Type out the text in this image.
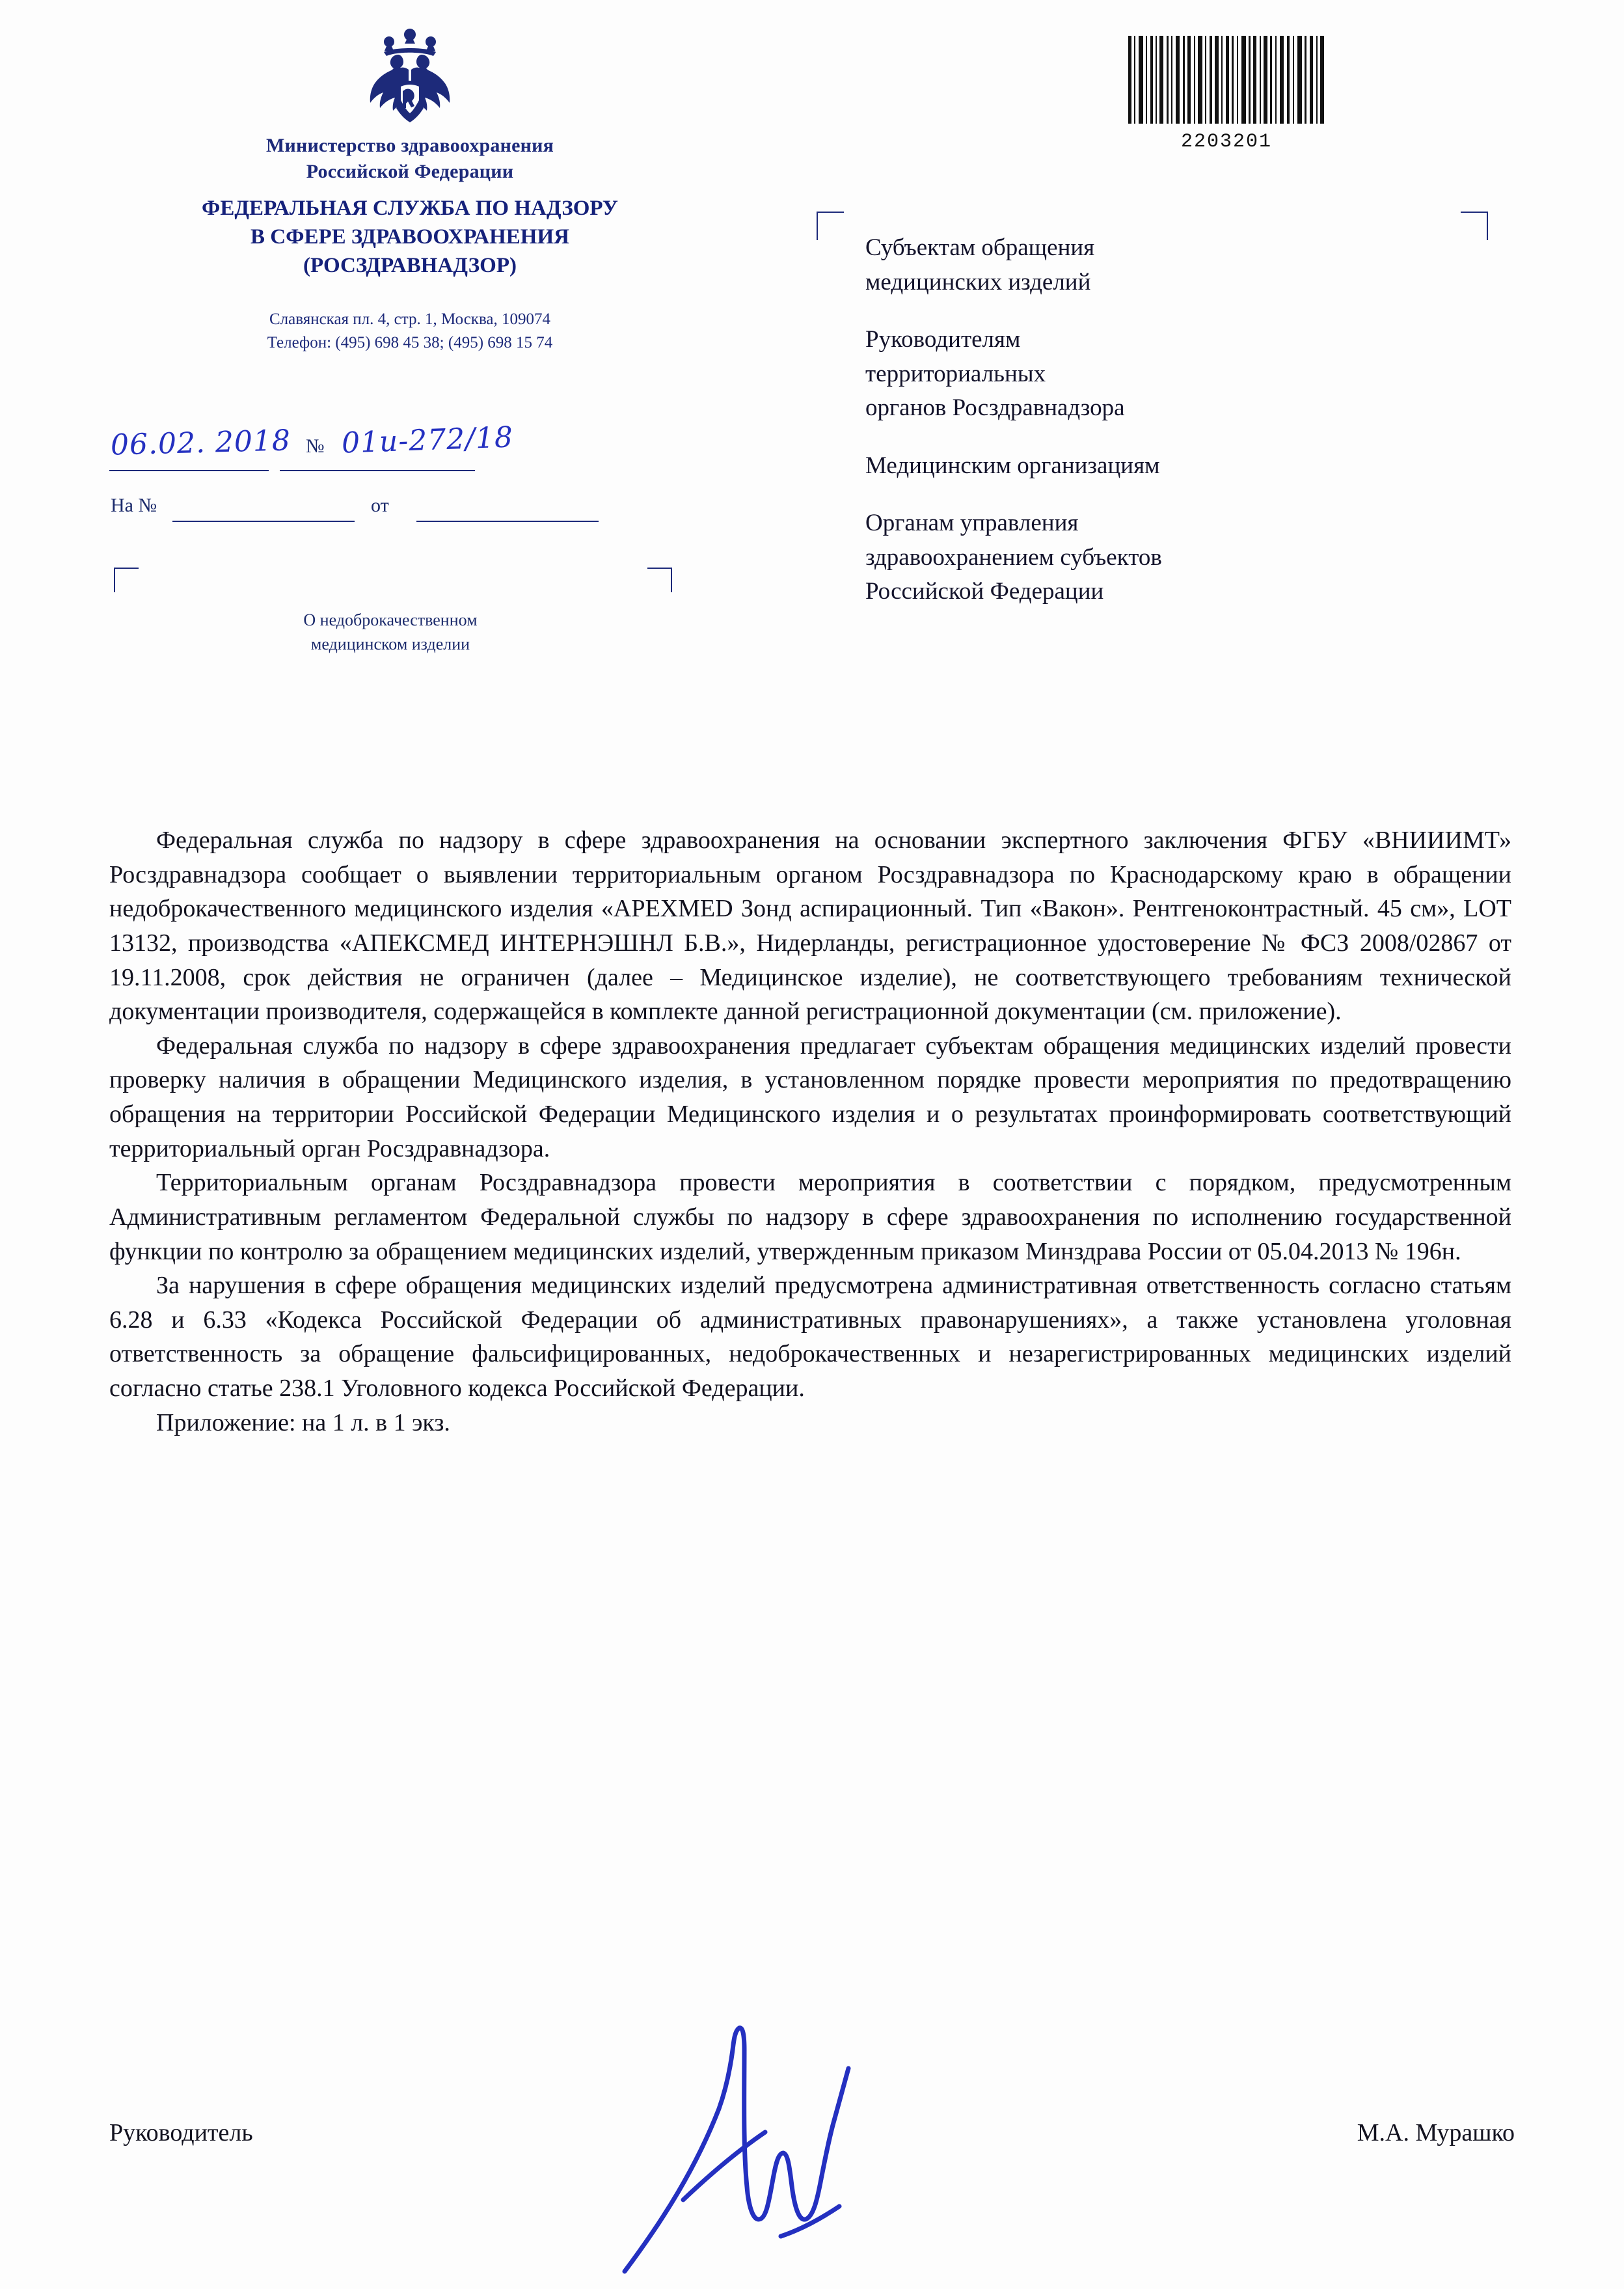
Министерство здравоохранения
Российской Федерации
ФЕДЕРАЛЬНАЯ СЛУЖБА ПО НАДЗОРУ
В СФЕРЕ ЗДРАВООХРАНЕНИЯ
(РОСЗДРАВНАДЗОР)
Славянская пл. 4, стр. 1, Москва, 109074
Телефон: (495) 698 45 38; (495) 698 15 74
06.02. 2018 № 01и-272/18
На №	от
О недоброкачественном
медицинском изделии
2203201
Субъектам обращения
медицинских изделий
Руководителям
территориальных
органов Росздравнадзора
Медицинским организациям
Органам управления
здравоохранением субъектов
Российской Федерации

Федеральная служба по надзору в сфере здравоохранения на основании экспертного заключения ФГБУ «ВНИИИМТ» Росздравнадзора сообщает о выявлении территориальным органом Росздравнадзора по Краснодарскому краю в обращении недоброкачественного медицинского изделия «APEXMED Зонд аспирационный. Тип «Вакон». Рентгеноконтрастный. 45 см», LOT 13132, производства «АПЕКСМЕД ИНТЕРНЭШНЛ Б.В.», Нидерланды, регистрационное удостоверение № ФСЗ 2008/02867 от 19.11.2008, срок действия не ограничен (далее – Медицинское изделие), не соответствующего требованиям технической документации производителя, содержащейся в комплекте данной регистрационной документации (см. приложение).

Федеральная служба по надзору в сфере здравоохранения предлагает субъектам обращения медицинских изделий провести проверку наличия в обращении Медицинского изделия, в установленном порядке провести мероприятия по предотвращению обращения на территории Российской Федерации Медицинского изделия и о результатах проинформировать соответствующий территориальный орган Росздравнадзора.

Территориальным органам Росздравнадзора провести мероприятия в соответствии с порядком, предусмотренным Административным регламентом Федеральной службы по надзору в сфере здравоохранения по исполнению государственной функции по контролю за обращением медицинских изделий, утвержденным приказом Минздрава России от 05.04.2013 № 196н.

За нарушения в сфере обращения медицинских изделий предусмотрена административная ответственность согласно статьям 6.28 и 6.33 «Кодекса Российской Федерации об административных правонарушениях», а также установлена уголовная ответственность за обращение фальсифицированных, недоброкачественных и незарегистрированных медицинских изделий согласно статье 238.1 Уголовного кодекса Российской Федерации.

Приложение: на 1 л. в 1 экз.

Руководитель	М.А. Мурашко
